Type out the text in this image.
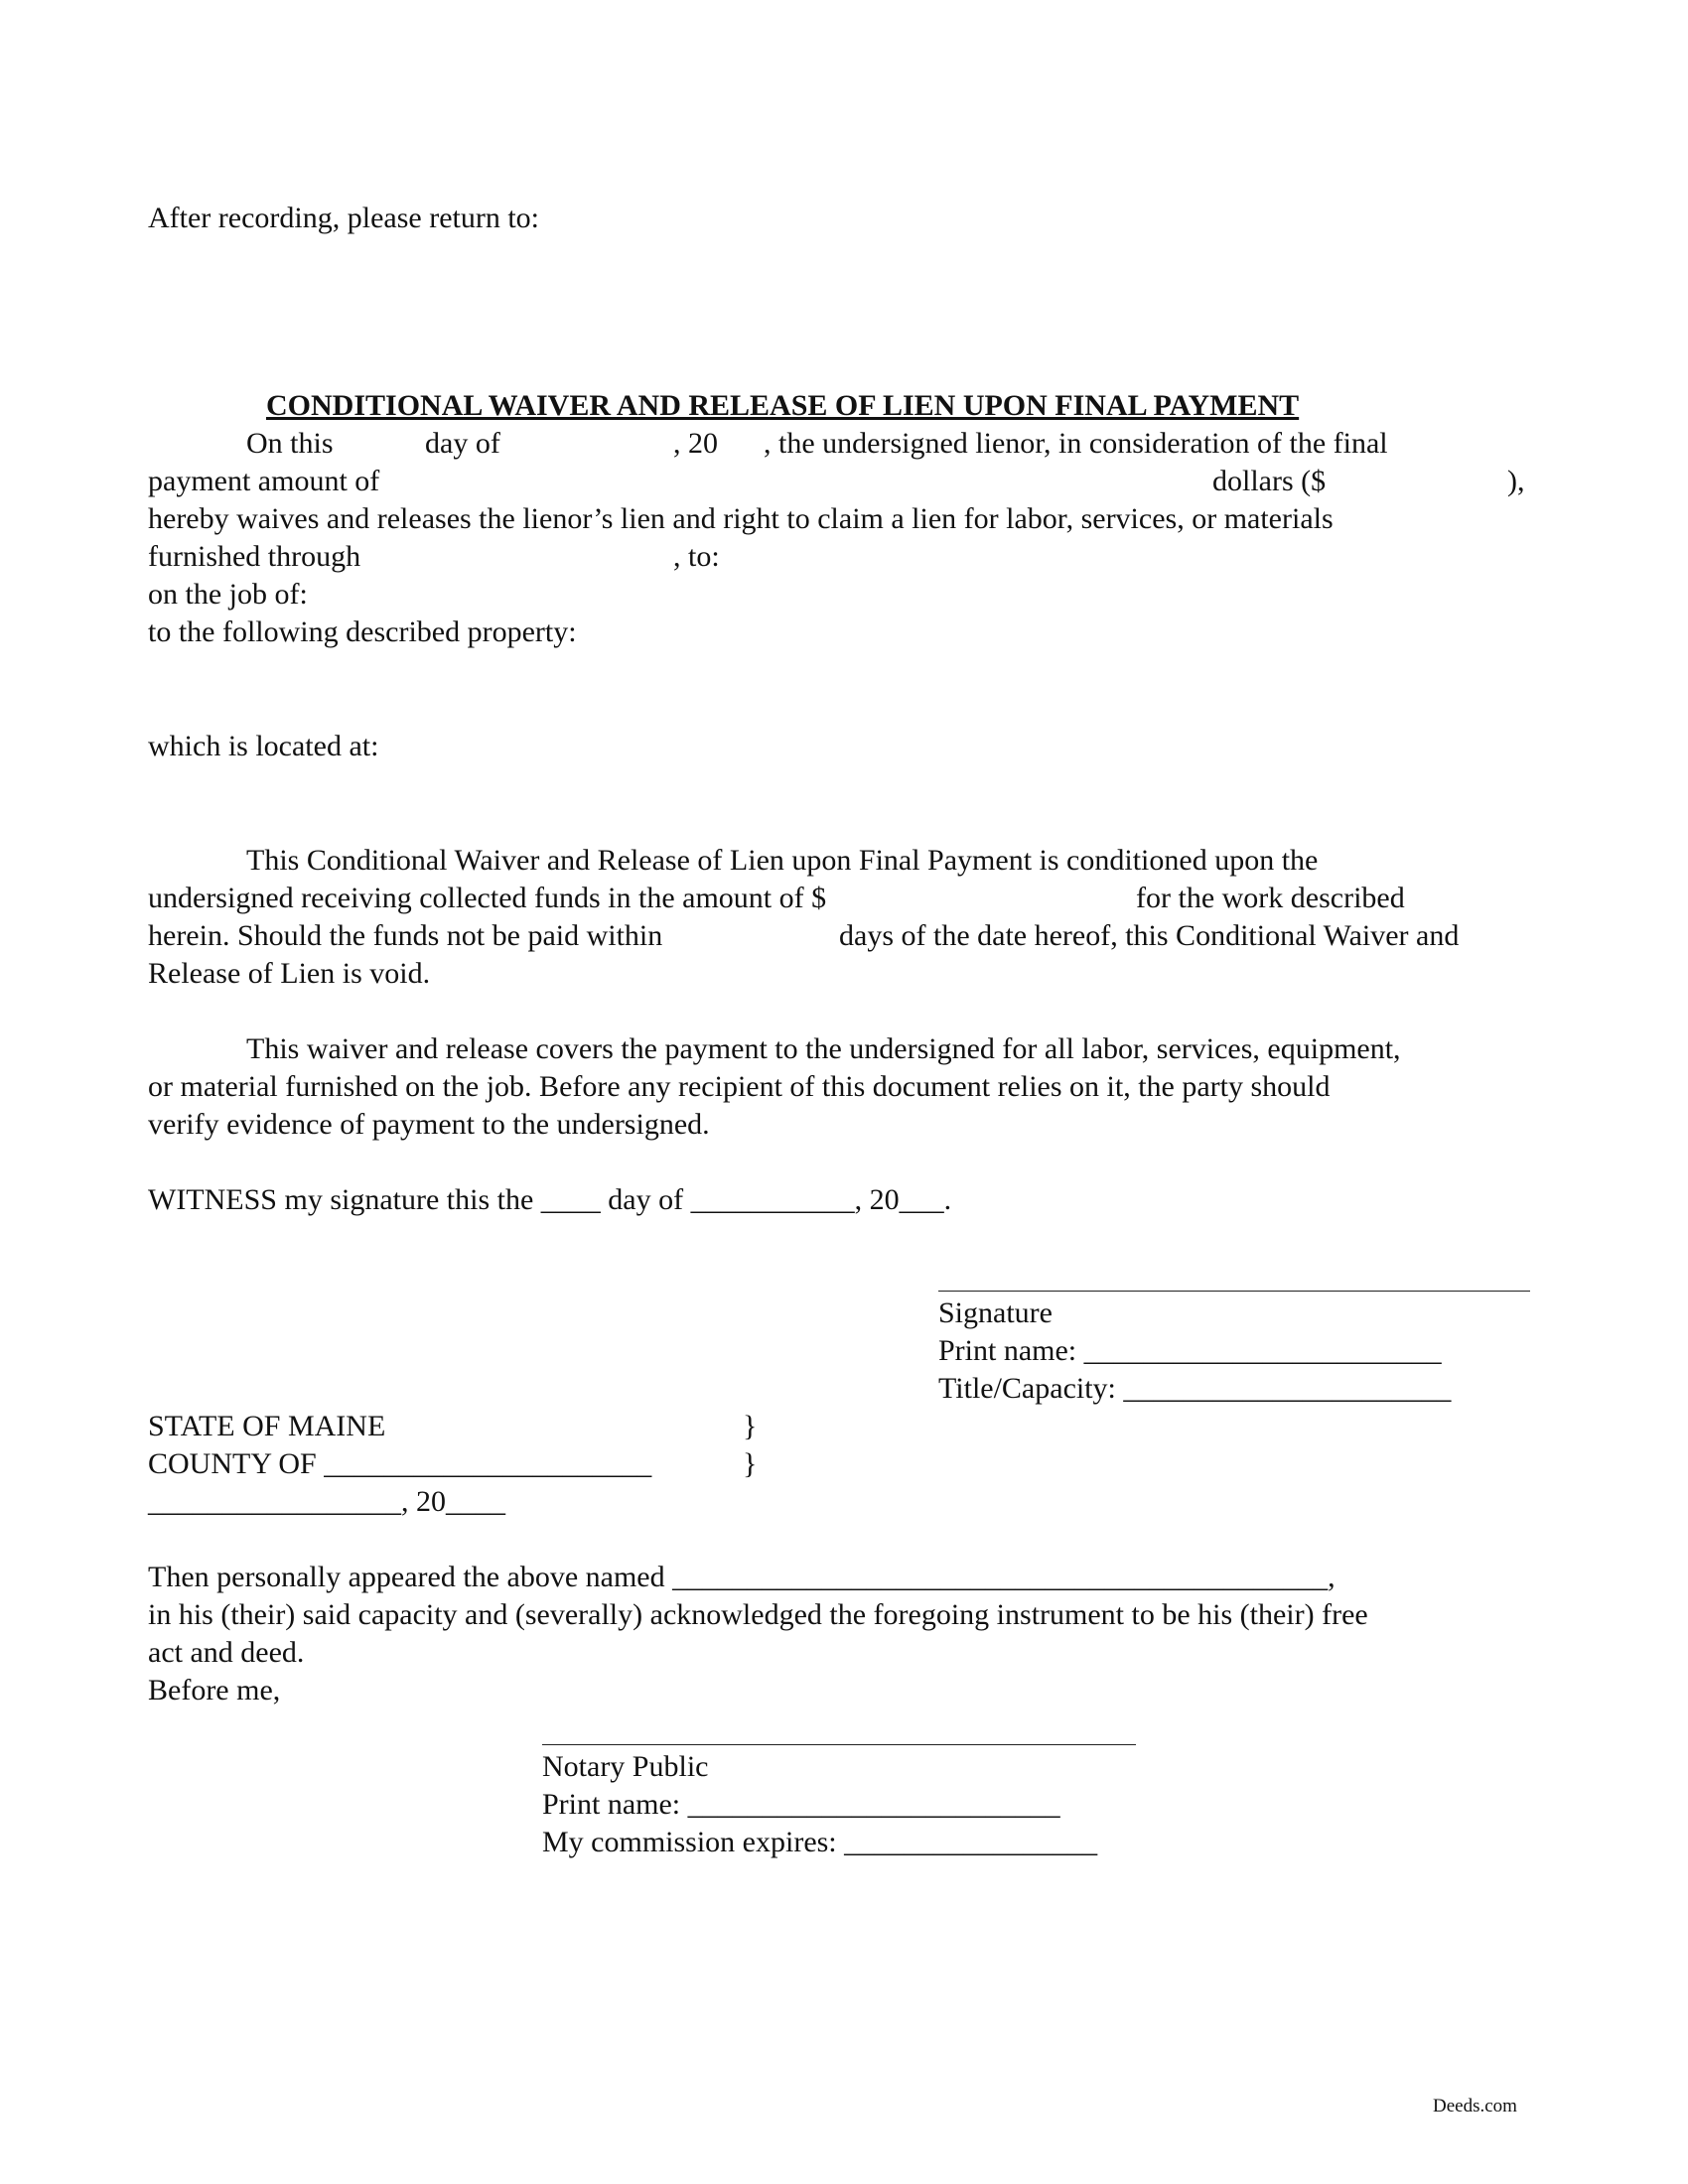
After recording, please return to:
CONDITIONAL WAIVER AND RELEASE OF LIEN UPON FINAL PAYMENT
On this	day of	, 20 , the undersigned lienor, in consideration of the final
payment amount of	dollars ($	),
hereby waives and releases the lienor’s lien and right to claim a lien for labor, services, or materials
furnished through	, to:
on the job of:
to the following described property:
which is located at:
This Conditional Waiver and Release of Lien upon Final Payment is conditioned upon the
undersigned receiving collected funds in the amount of $	for the work described
herein. Should the funds not be paid within	days of the date hereof, this Conditional Waiver and
Release of Lien is void.
This waiver and release covers the payment to the undersigned for all labor, services, equipment,
or material furnished on the job. Before any recipient of this document relies on it, the party should
verify evidence of payment to the undersigned.
WITNESS my signature this the ____ day of ___________, 20___.
Signature
Print name: ________________________
Title/Capacity: ______________________
STATE OF MAINE	}
COUNTY OF ______________________	}
_________________, 20____
Then personally appeared the above named ____________________________________________,
in his (their) said capacity and (severally) acknowledged the foregoing instrument to be his (their) free
act and deed.
Before me,
Notary Public
Print name: _________________________
My commission expires: _________________
Deeds.com
